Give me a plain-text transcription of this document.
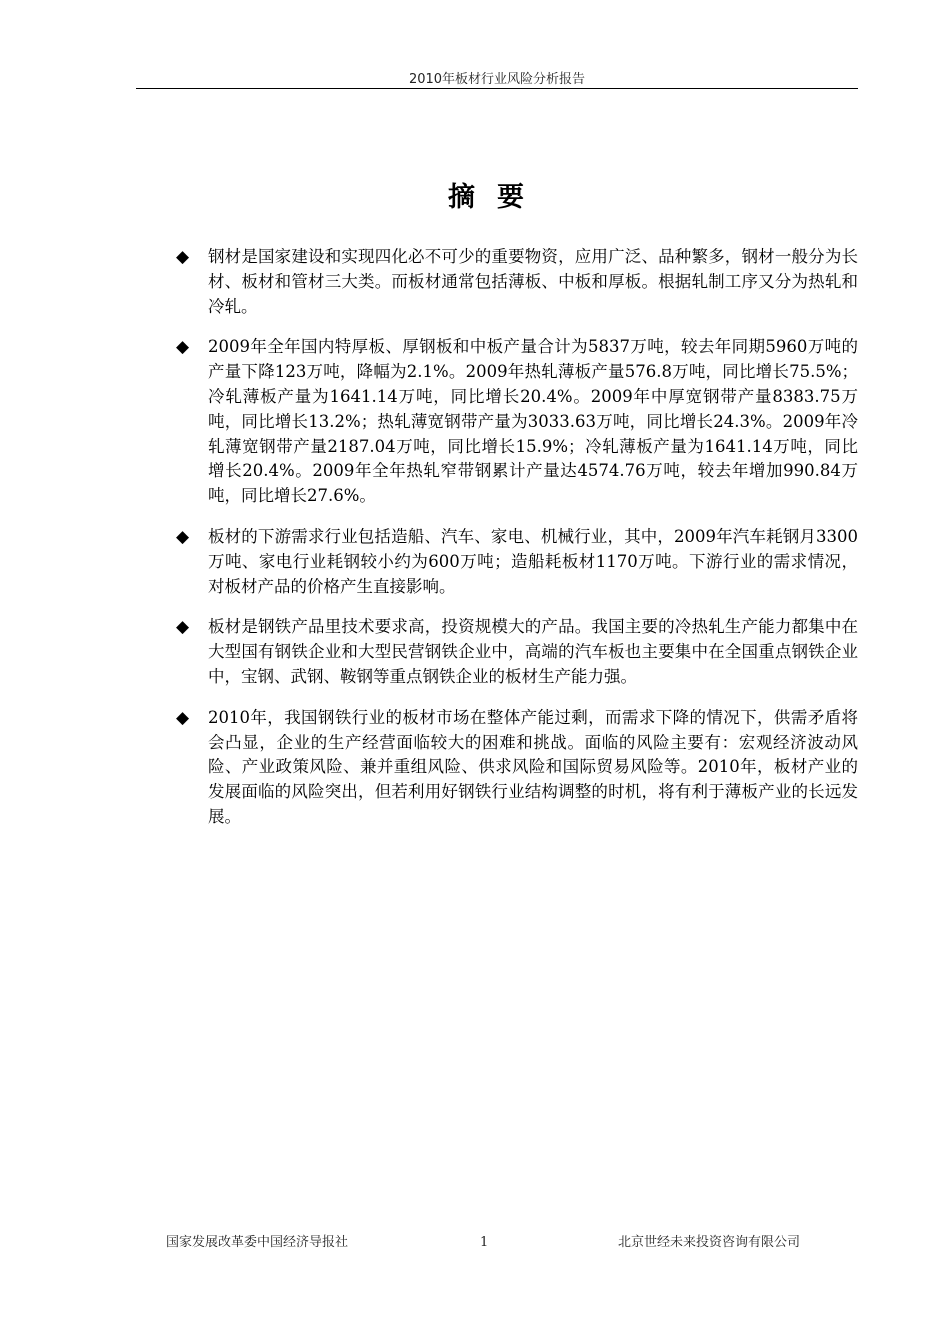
2010年板材行业风险分析报告
摘要
◆ 钢材是国家建设和实现四化必不可少的重要物资，应用广泛、品种繁多，钢材一般分为长材、板材和管材三大类。而板材通常包括薄板、中板和厚板。根据轧制工序又分为热轧和冷轧。
◆ 2009年全年国内特厚板、厚钢板和中板产量合计为5837万吨，较去年同期5960万吨的产量下降123万吨，降幅为2.1%。2009年热轧薄板产量576.8万吨，同比增长75.5%；冷轧薄板产量为1641.14万吨，同比增长20.4%。2009年中厚宽钢带产量8383.75万吨，同比增长13.2%；热轧薄宽钢带产量为3033.63万吨，同比增长24.3%。2009年冷轧薄宽钢带产量2187.04万吨，同比增长15.9%；冷轧薄板产量为1641.14万吨，同比增长20.4%。2009年全年热轧窄带钢累计产量达4574.76万吨，较去年增加990.84万吨，同比增长27.6%。
◆ 板材的下游需求行业包括造船、汽车、家电、机械行业，其中，2009年汽车耗钢月3300万吨、家电行业耗钢较小约为600万吨；造船耗板材1170万吨。下游行业的需求情况，对板材产品的价格产生直接影响。
◆ 板材是钢铁产品里技术要求高，投资规模大的产品。我国主要的冷热轧生产能力都集中在大型国有钢铁企业和大型民营钢铁企业中，高端的汽车板也主要集中在全国重点钢铁企业中，宝钢、武钢、鞍钢等重点钢铁企业的板材生产能力强。
◆ 2010年，我国钢铁行业的板材市场在整体产能过剩，而需求下降的情况下，供需矛盾将会凸显，企业的生产经营面临较大的困难和挑战。面临的风险主要有：宏观经济波动风险、产业政策风险、兼并重组风险、供求风险和国际贸易风险等。2010年，板材产业的发展面临的风险突出，但若利用好钢铁行业结构调整的时机，将有利于薄板产业的长远发展。
国家发展改革委中国经济导报社	1	北京世经未来投资咨询有限公司
